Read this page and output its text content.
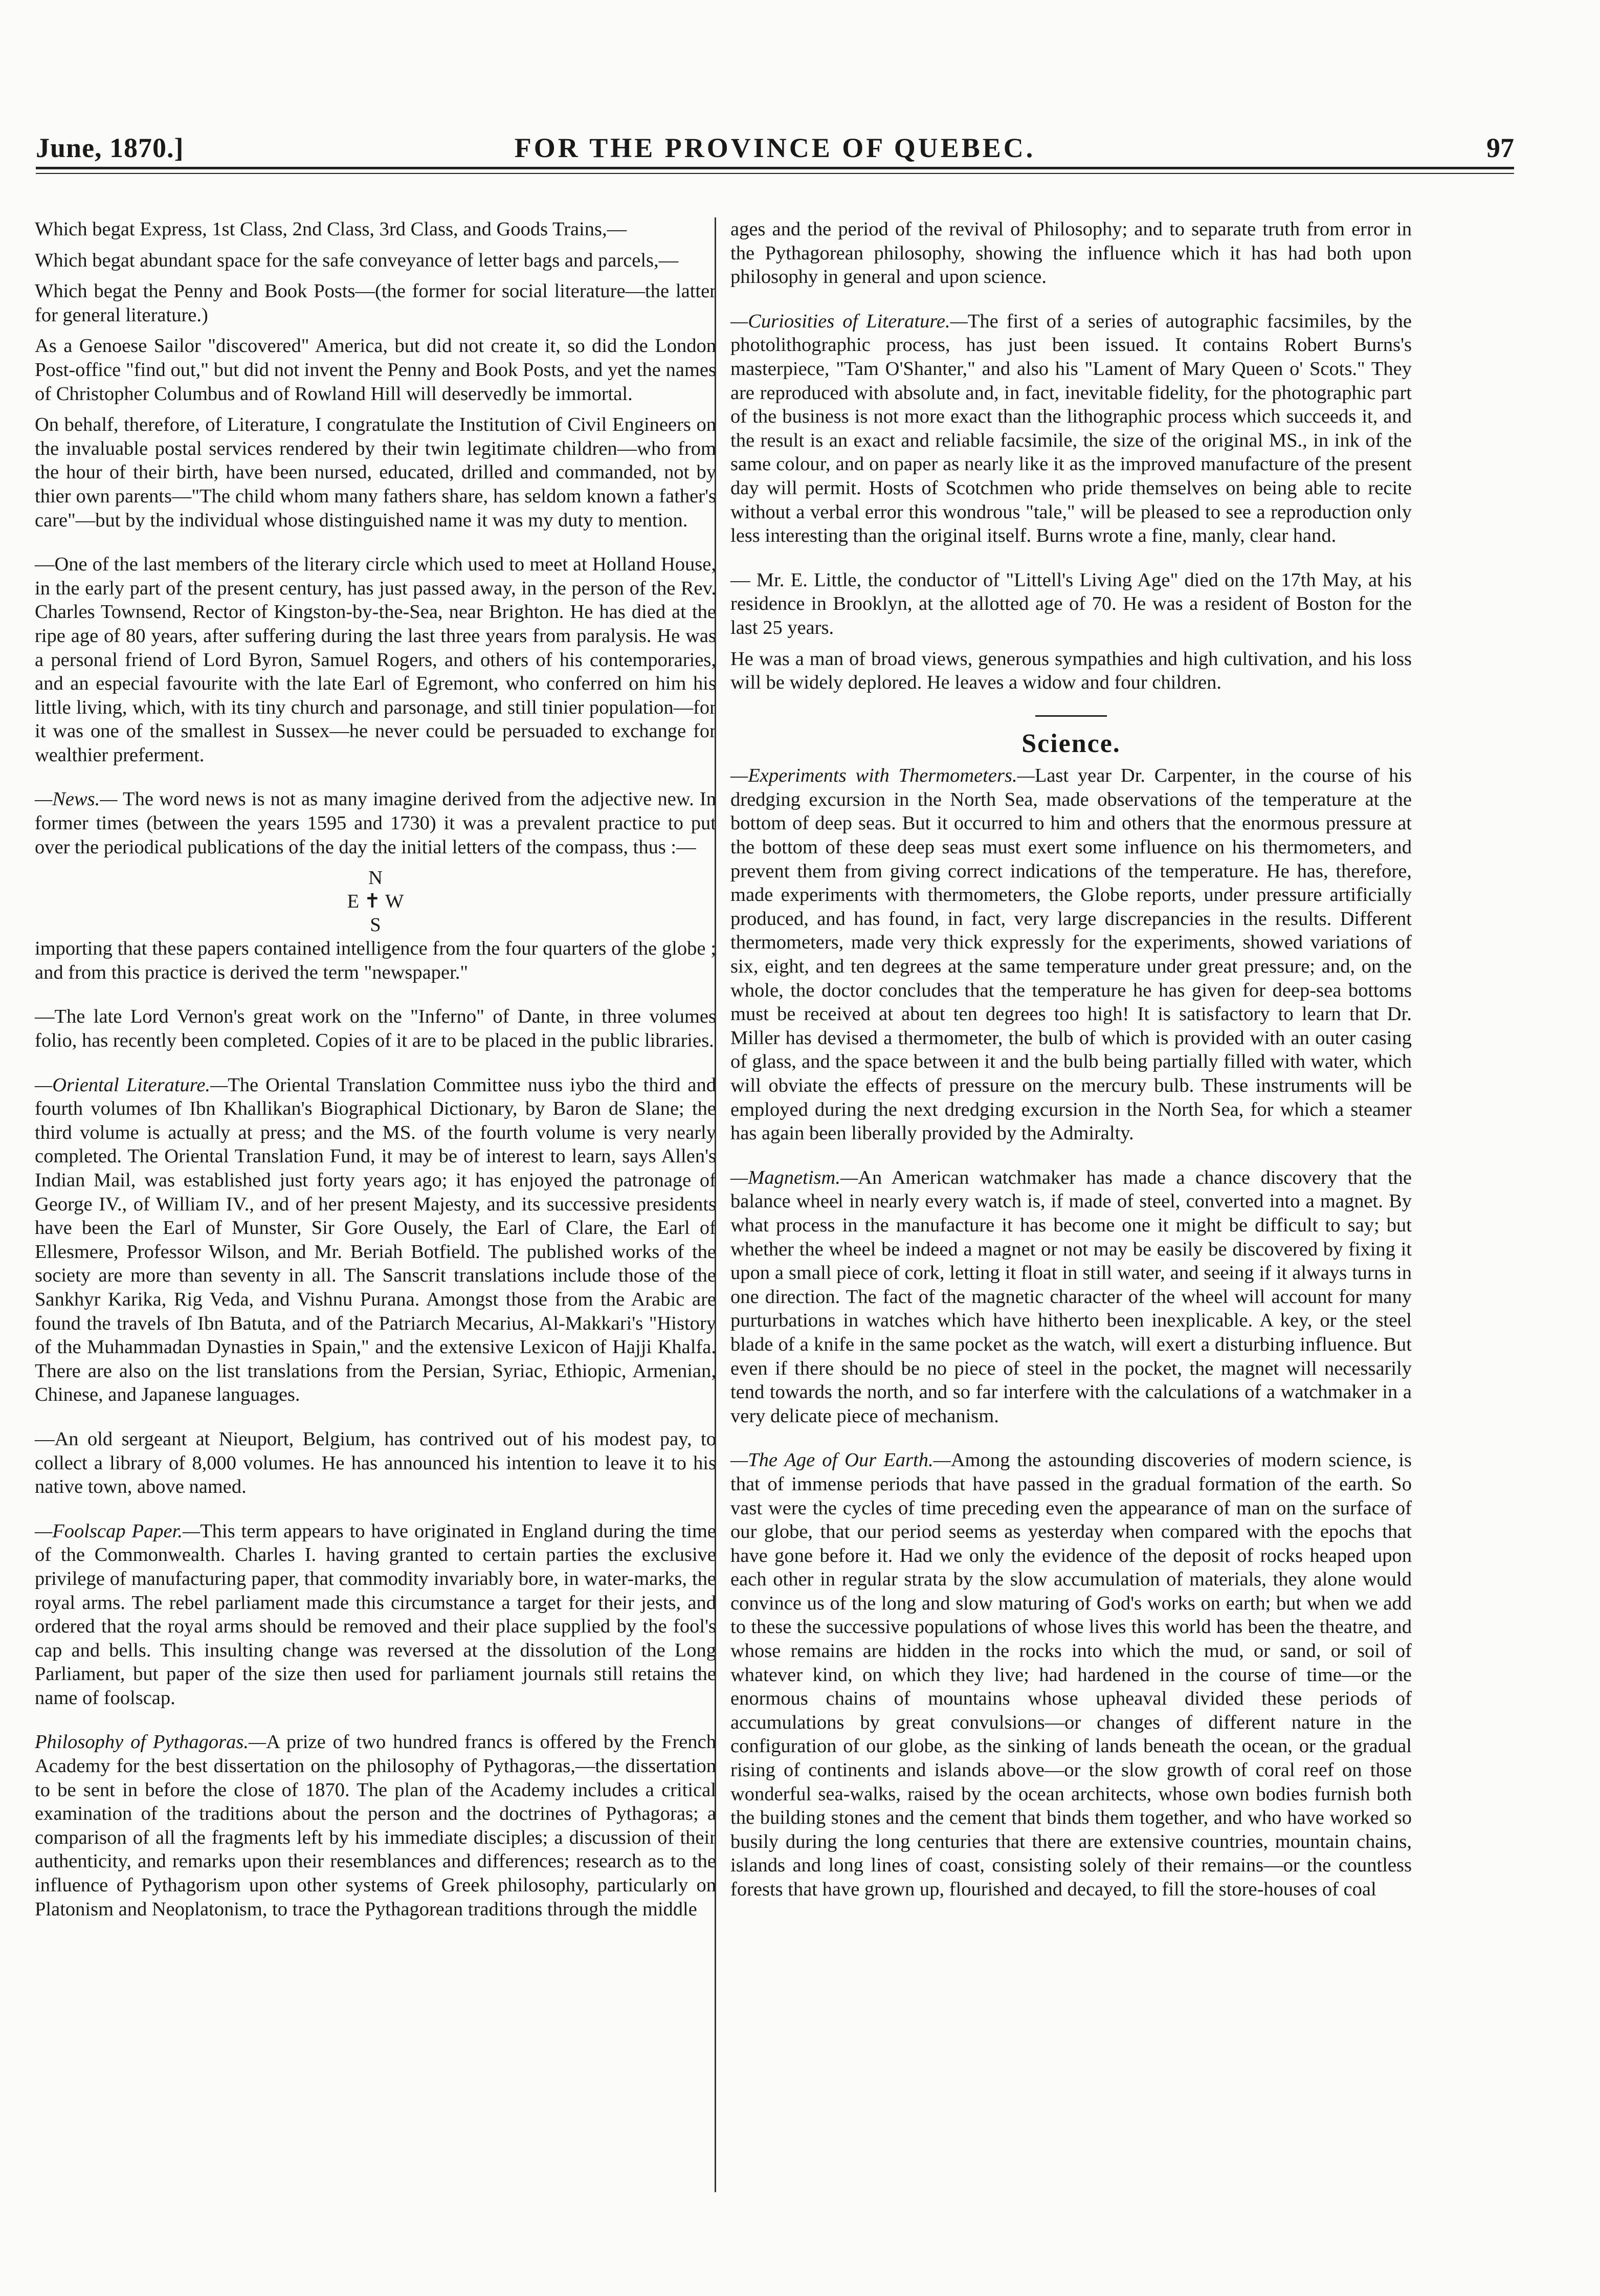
June, 1870.]	FOR THE PROVINCE OF QUEBEC.	97

Which begat Express, 1st Class, 2nd Class, 3rd Class, and Goods Trains,—

Which begat abundant space for the safe conveyance of letter bags and parcels,—

Which begat the Penny and Book Posts—(the former for social literature—the latter for general literature.)

As a Genoese Sailor "discovered" America, but did not create it, so did the London Post-office "find out," but did not invent the Penny and Book Posts, and yet the names of Christopher Columbus and of Rowland Hill will deservedly be immortal.

On behalf, therefore, of Literature, I congratulate the Institution of Civil Engineers on the invaluable postal services rendered by their twin legitimate children—who from the hour of their birth, have been nursed, educated, drilled and commanded, not by thier own parents—"The child whom many fathers share, has seldom known a father's care"—but by the individual whose distinguished name it was my duty to mention.

—One of the last members of the literary circle which used to meet at Holland House, in the early part of the present century, has just passed away, in the person of the Rev. Charles Townsend, Rector of Kingston-by-the-Sea, near Brighton. He has died at the ripe age of 80 years, after suffering during the last three years from paralysis. He was a personal friend of Lord Byron, Samuel Rogers, and others of his contemporaries, and an especial favourite with the late Earl of Egremont, who conferred on him his little living, which, with its tiny church and parsonage, and still tinier population—for it was one of the smallest in Sussex—he never could be persuaded to exchange for wealthier preferment.

—News.— The word news is not as many imagine derived from the adjective new. In former times (between the years 1595 and 1730) it was a prevalent practice to put over the periodical publications of the day the initial letters of the compass, thus :—

N

E ✝ W

S

importing that these papers contained intelligence from the four quarters of the globe ; and from this practice is derived the term "newspaper."

—The late Lord Vernon's great work on the "Inferno" of Dante, in three volumes folio, has recently been completed. Copies of it are to be placed in the public libraries.

—Oriental Literature.—The Oriental Translation Committee nuss iybo the third and fourth volumes of Ibn Khallikan's Biographical Dictionary, by Baron de Slane; the third volume is actually at press; and the MS. of the fourth volume is very nearly completed. The Oriental Translation Fund, it may be of interest to learn, says Allen's Indian Mail, was established just forty years ago; it has enjoyed the patronage of George IV., of William IV., and of her present Majesty, and its successive presidents have been the Earl of Munster, Sir Gore Ousely, the Earl of Clare, the Earl of Ellesmere, Professor Wilson, and Mr. Beriah Botfield. The published works of the society are more than seventy in all. The Sanscrit translations include those of the Sankhyr Karika, Rig Veda, and Vishnu Purana. Amongst those from the Arabic are found the travels of Ibn Batuta, and of the Patriarch Mecarius, Al-Makkari's "History of the Muhammadan Dynasties in Spain," and the extensive Lexicon of Hajji Khalfa. There are also on the list translations from the Persian, Syriac, Ethiopic, Armenian, Chinese, and Japanese languages.

—An old sergeant at Nieuport, Belgium, has contrived out of his modest pay, to collect a library of 8,000 volumes. He has announced his intention to leave it to his native town, above named.

—Foolscap Paper.—This term appears to have originated in England during the time of the Commonwealth. Charles I. having granted to certain parties the exclusive privilege of manufacturing paper, that commodity invariably bore, in water-marks, the royal arms. The rebel parliament made this circumstance a target for their jests, and ordered that the royal arms should be removed and their place supplied by the fool's cap and bells. This insulting change was reversed at the dissolution of the Long Parliament, but paper of the size then used for parliament journals still retains the name of foolscap.

Philosophy of Pythagoras.—A prize of two hundred francs is offered by the French Academy for the best dissertation on the philosophy of Pythagoras,—the dissertation to be sent in before the close of 1870. The plan of the Academy includes a critical examination of the traditions about the person and the doctrines of Pythagoras; a comparison of all the fragments left by his immediate disciples; a discussion of their authenticity, and remarks upon their resemblances and differences; research as to the influence of Pythagorism upon other systems of Greek philosophy, particularly on Platonism and Neoplatonism, to trace the Pythagorean traditions through the middle

ages and the period of the revival of Philosophy; and to separate truth from error in the Pythagorean philosophy, showing the influence which it has had both upon philosophy in general and upon science.

—Curiosities of Literature.—The first of a series of autographic facsimiles, by the photolithographic process, has just been issued. It contains Robert Burns's masterpiece, "Tam O'Shanter," and also his "Lament of Mary Queen o' Scots." They are reproduced with absolute and, in fact, inevitable fidelity, for the photographic part of the business is not more exact than the lithographic process which succeeds it, and the result is an exact and reliable facsimile, the size of the original MS., in ink of the same colour, and on paper as nearly like it as the improved manufacture of the present day will permit. Hosts of Scotchmen who pride themselves on being able to recite without a verbal error this wondrous "tale," will be pleased to see a reproduction only less interesting than the original itself. Burns wrote a fine, manly, clear hand.

— Mr. E. Little, the conductor of "Littell's Living Age" died on the 17th May, at his residence in Brooklyn, at the allotted age of 70. He was a resident of Boston for the last 25 years.

He was a man of broad views, generous sympathies and high cultivation, and his loss will be widely deplored. He leaves a widow and four children.

Science.

—Experiments with Thermometers.—Last year Dr. Carpenter, in the course of his dredging excursion in the North Sea, made observations of the temperature at the bottom of deep seas. But it occurred to him and others that the enormous pressure at the bottom of these deep seas must exert some influence on his thermometers, and prevent them from giving correct indications of the temperature. He has, therefore, made experiments with thermometers, the Globe reports, under pressure artificially produced, and has found, in fact, very large discrepancies in the results. Different thermometers, made very thick expressly for the experiments, showed variations of six, eight, and ten degrees at the same temperature under great pressure; and, on the whole, the doctor concludes that the temperature he has given for deep-sea bottoms must be received at about ten degrees too high! It is satisfactory to learn that Dr. Miller has devised a thermometer, the bulb of which is provided with an outer casing of glass, and the space between it and the bulb being partially filled with water, which will obviate the effects of pressure on the mercury bulb. These instruments will be employed during the next dredging excursion in the North Sea, for which a steamer has again been liberally provided by the Admiralty.

—Magnetism.—An American watchmaker has made a chance discovery that the balance wheel in nearly every watch is, if made of steel, converted into a magnet. By what process in the manufacture it has become one it might be difficult to say; but whether the wheel be indeed a magnet or not may be easily be discovered by fixing it upon a small piece of cork, letting it float in still water, and seeing if it always turns in one direction. The fact of the magnetic character of the wheel will account for many purturbations in watches which have hitherto been inexplicable. A key, or the steel blade of a knife in the same pocket as the watch, will exert a disturbing influence. But even if there should be no piece of steel in the pocket, the magnet will necessarily tend towards the north, and so far interfere with the calculations of a watchmaker in a very delicate piece of mechanism.

—The Age of Our Earth.—Among the astounding discoveries of modern science, is that of immense periods that have passed in the gradual formation of the earth. So vast were the cycles of time preceding even the appearance of man on the surface of our globe, that our period seems as yesterday when compared with the epochs that have gone before it. Had we only the evidence of the deposit of rocks heaped upon each other in regular strata by the slow accumulation of materials, they alone would convince us of the long and slow maturing of God's works on earth; but when we add to these the successive populations of whose lives this world has been the theatre, and whose remains are hidden in the rocks into which the mud, or sand, or soil of whatever kind, on which they live; had hardened in the course of time—or the enormous chains of mountains whose upheaval divided these periods of accumulations by great convulsions—or changes of different nature in the configuration of our globe, as the sinking of lands beneath the ocean, or the gradual rising of continents and islands above—or the slow growth of coral reef on those wonderful sea-walks, raised by the ocean architects, whose own bodies furnish both the building stones and the cement that binds them together, and who have worked so busily during the long centuries that there are extensive countries, mountain chains, islands and long lines of coast, consisting solely of their remains—or the countless forests that have grown up, flourished and decayed, to fill the store-houses of coal
